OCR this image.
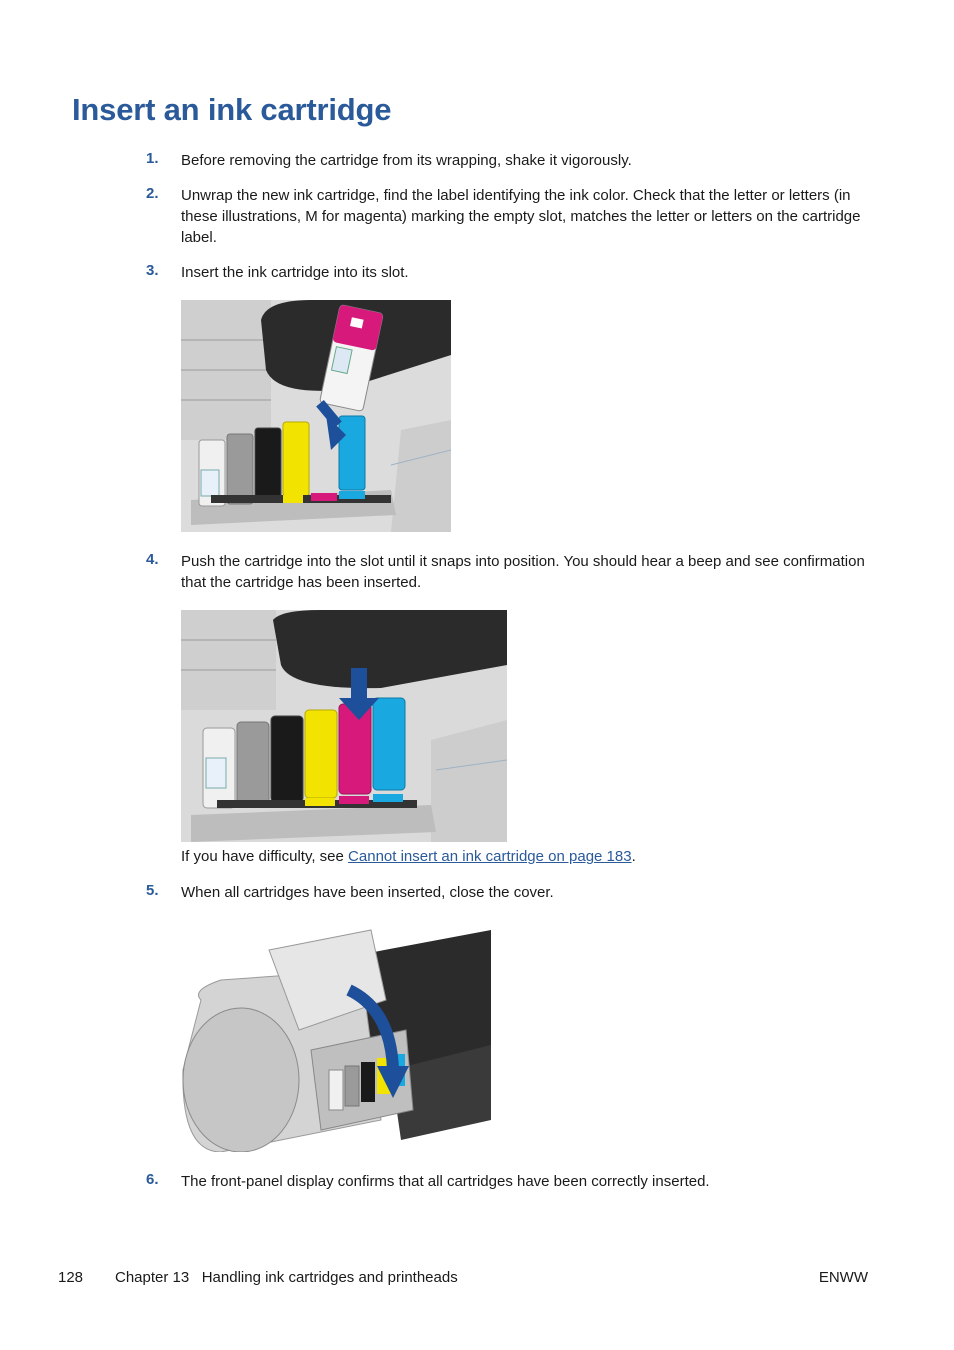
Insert an ink cartridge
1. Before removing the cartridge from its wrapping, shake it vigorously.
2. Unwrap the new ink cartridge, find the label identifying the ink color. Check that the letter or letters (in these illustrations, M for magenta) marking the empty slot, matches the letter or letters on the cartridge label.
3. Insert the ink cartridge into its slot.
4. Push the cartridge into the slot until it snaps into position. You should hear a beep and see confirmation that the cartridge has been inserted.
If you have difficulty, see Cannot insert an ink cartridge on page 183.
5. When all cartridges have been inserted, close the cover.
6. The front-panel display confirms that all cartridges have been correctly inserted.
128 Chapter 13   Handling ink cartridges and printheads	ENWW
